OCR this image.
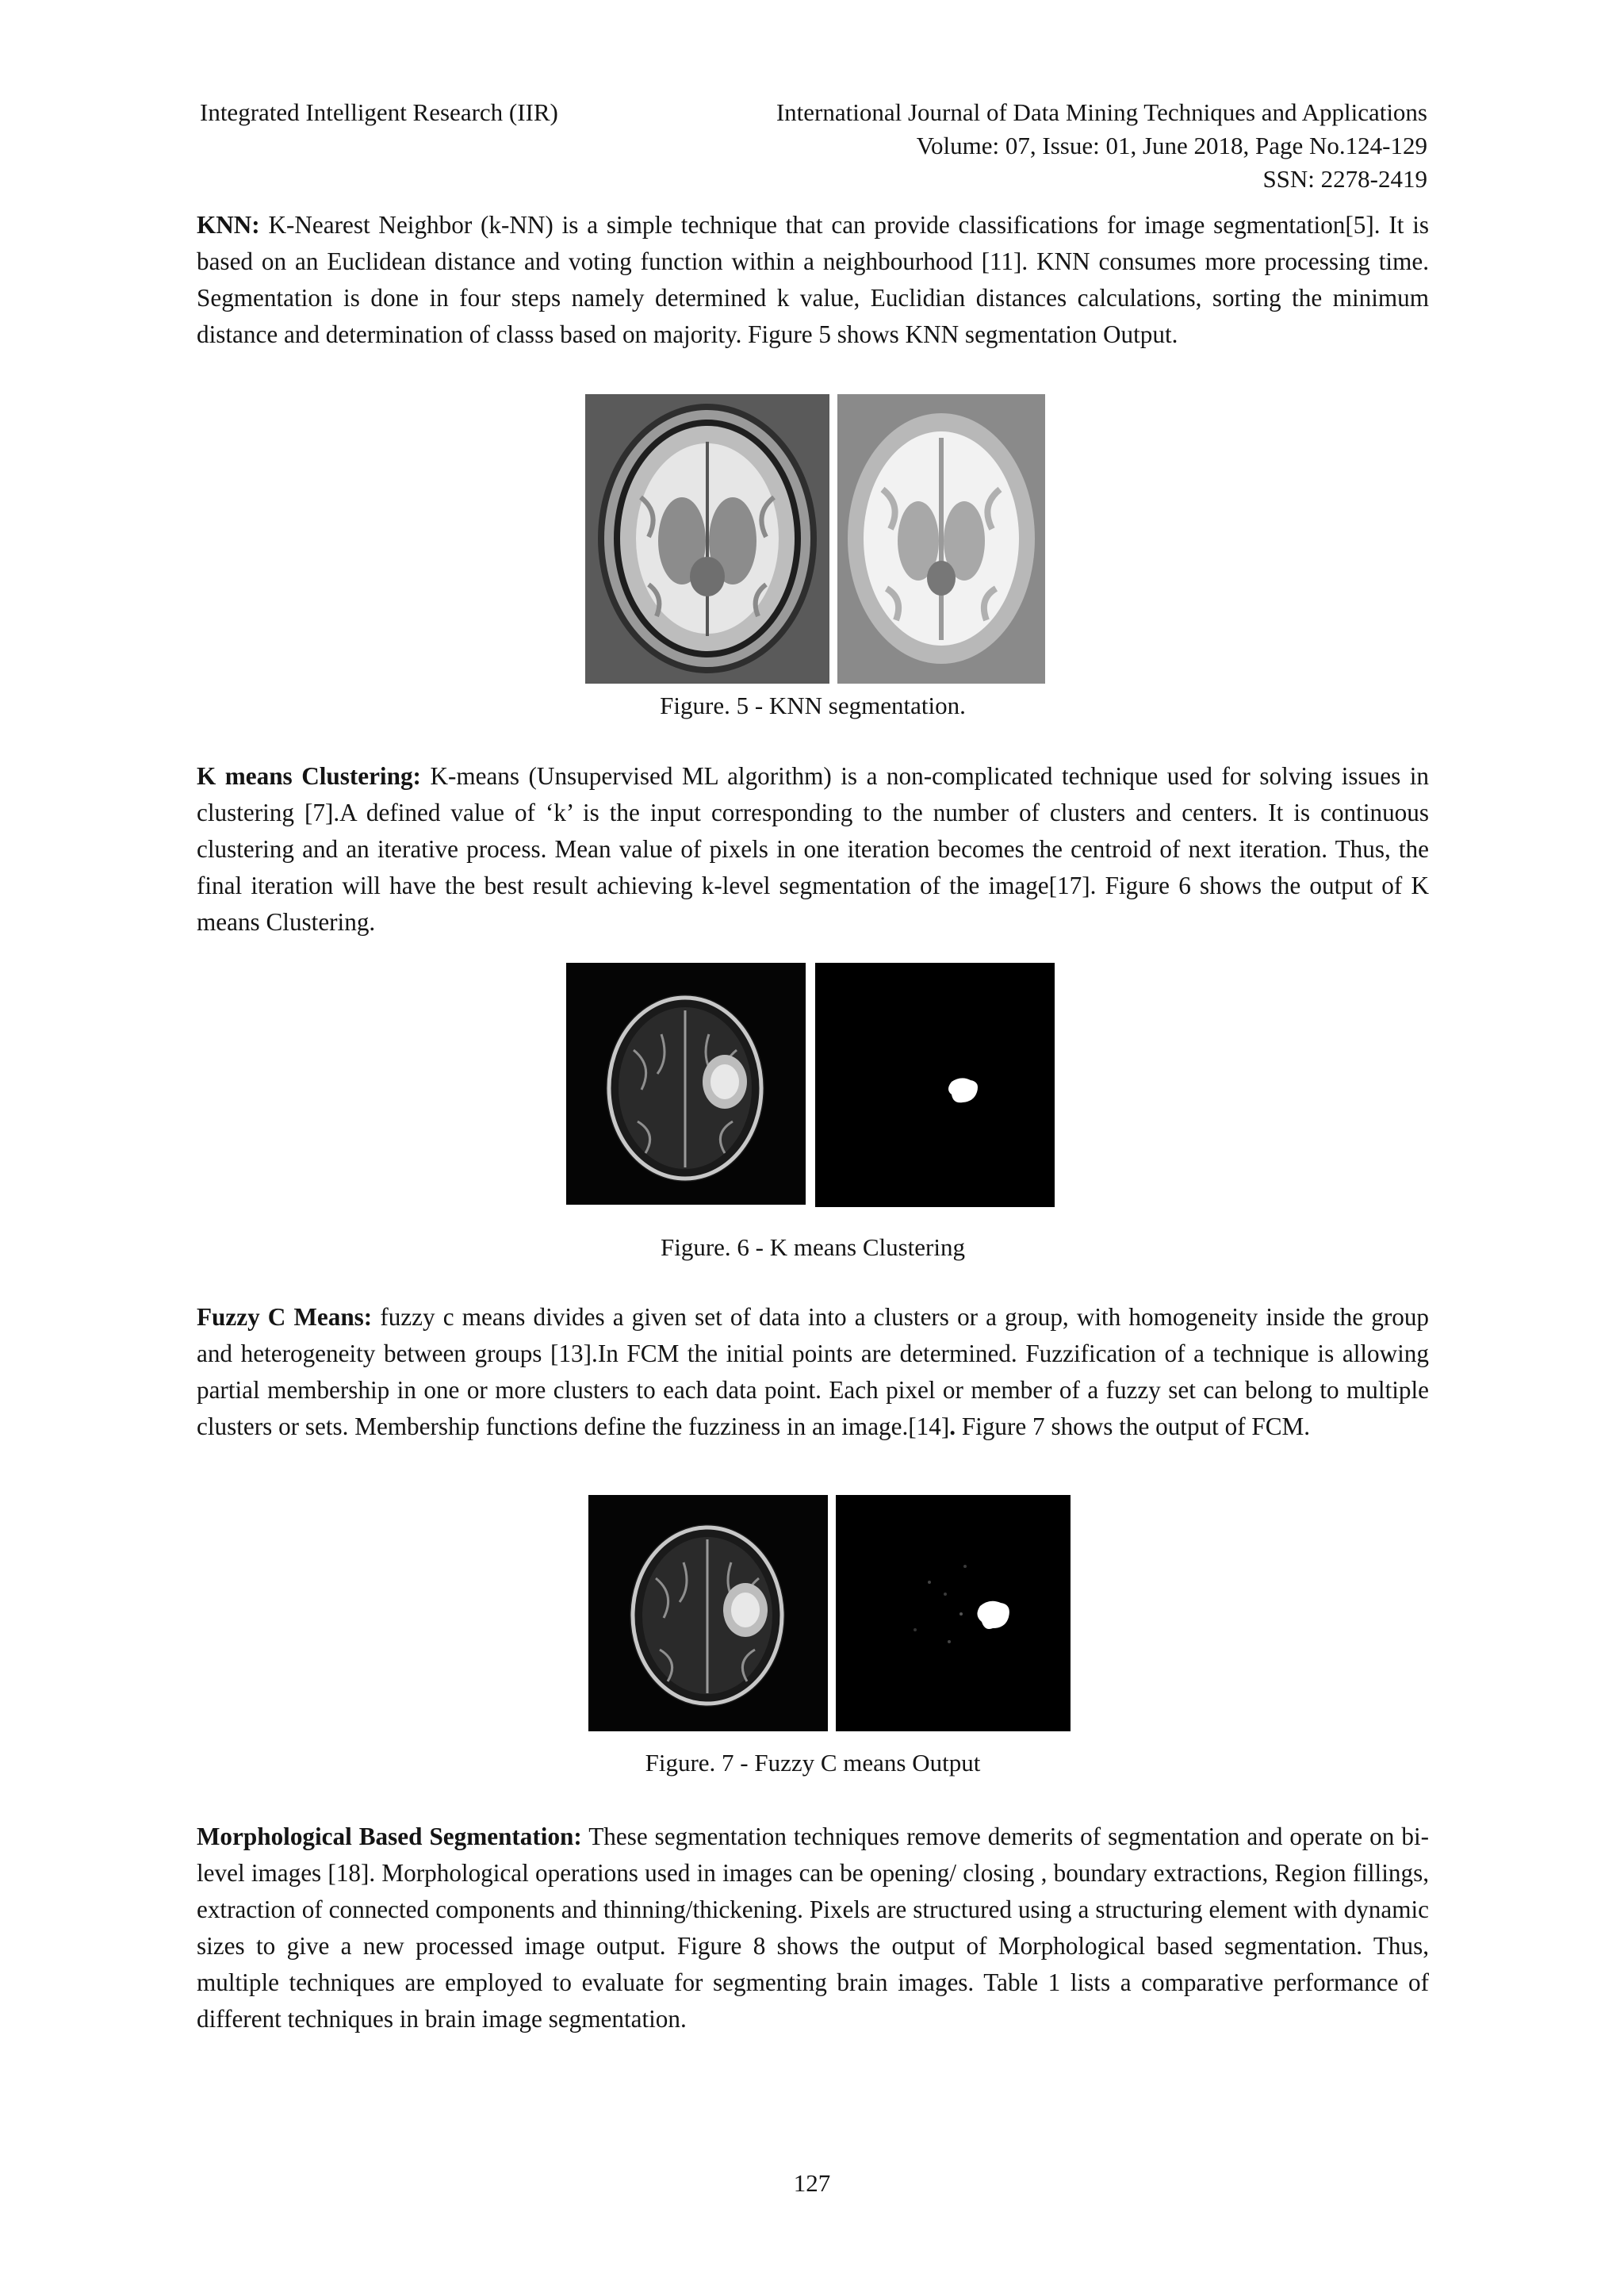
Integrated Intelligent Research (IIR)	International Journal of Data Mining Techniques and Applications
Volume: 07, Issue: 01, June 2018, Page No.124-129
SSN: 2278-2419

KNN: K-Nearest Neighbor (k-NN) is a simple technique that can provide classifications for image segmentation[5]. It is based on an Euclidean distance and voting function within a neighbourhood [11]. KNN consumes more processing time. Segmentation is done in four steps namely determined k value, Euclidian distances calculations, sorting the minimum distance and determination of classs based on majority. Figure 5 shows KNN segmentation Output.

Figure. 5 - KNN segmentation.

K means Clustering: K-means (Unsupervised ML algorithm) is a non-complicated technique used for solving issues in clustering [7].A defined value of ‘k’ is the input corresponding to the number of clusters and centers. It is continuous clustering and an iterative process. Mean value of pixels in one iteration becomes the centroid of next iteration. Thus, the final iteration will have the best result achieving k-level segmentation of the image[17]. Figure 6 shows the output of K means Clustering.

Figure. 6 - K means Clustering

Fuzzy C Means: fuzzy c means divides a given set of data into a clusters or a group, with homogeneity inside the group and heterogeneity between groups [13].In FCM the initial points are determined. Fuzzification of a technique is allowing partial membership in one or more clusters to each data point. Each pixel or member of a fuzzy set can belong to multiple clusters or sets. Membership functions define the fuzziness in an image.[14]. Figure 7 shows the output of FCM.

Figure. 7 - Fuzzy C means Output

Morphological Based Segmentation: These segmentation techniques remove demerits of segmentation and operate on bi-level images [18]. Morphological operations used in images can be opening/ closing , boundary extractions, Region fillings, extraction of connected components and thinning/thickening. Pixels are structured using a structuring element with dynamic sizes to give a new processed image output. Figure 8 shows the output of Morphological based segmentation. Thus, multiple techniques are employed to evaluate for segmenting brain images. Table 1 lists a comparative performance of different techniques in brain image segmentation.

127
